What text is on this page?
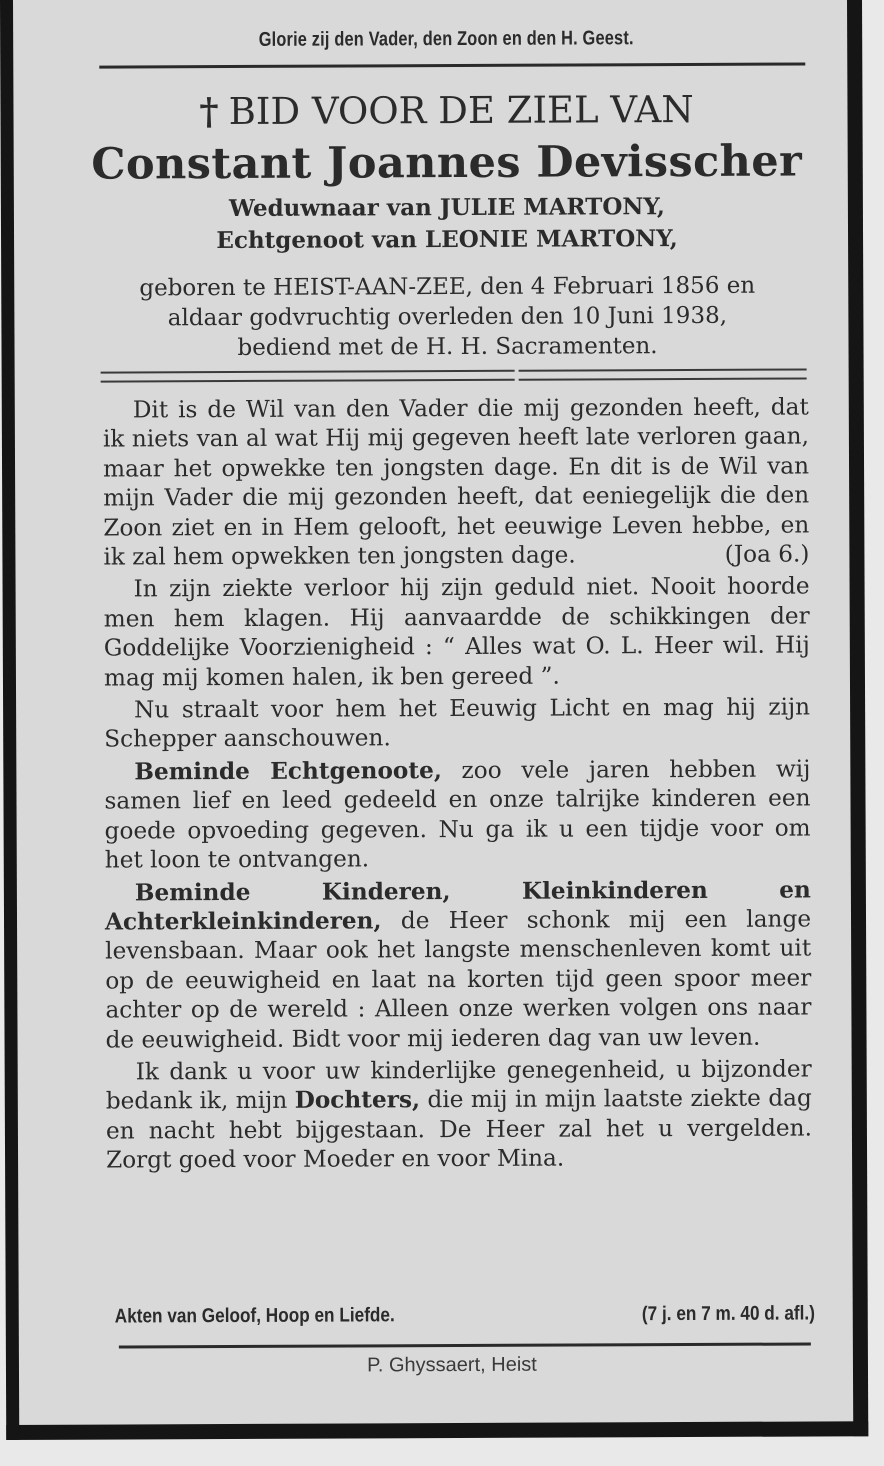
Glorie zij den Vader, den Zoon en den H. Geest.
† BID VOOR DE ZIEL VAN
Constant Joannes Devisscher
Weduwnaar van JULIE MARTONY,
Echtgenoot van LEONIE MARTONY,
geboren te HEIST-AAN-ZEE, den 4 Februari 1856 en
aldaar godvruchtig overleden den 10 Juni 1938,
bediend met de H. H. Sacramenten.

Dit is de Wil van den Vader die mij gezonden heeft, dat ik niets van al wat Hij mij gegeven heeft late verloren gaan, maar het opwekke ten jongsten dage. En dit is de Wil van mijn Vader die mij gezonden heeft, dat eeniegelijk die den Zoon ziet en in Hem gelooft, het eeuwige Leven hebbe, en ik zal hem opwekken ten jongsten dage.	(Joa 6.)

In zijn ziekte verloor hij zijn geduld niet. Nooit hoorde men hem klagen. Hij aanvaardde de schikkingen der Goddelijke Voorzienigheid : “ Alles wat O. L. Heer wil. Hij mag mij komen halen, ik ben gereed ”.

Nu straalt voor hem het Eeuwig Licht en mag hij zijn Schepper aanschouwen.

Beminde Echtgenoote, zoo vele jaren hebben wij samen lief en leed gedeeld en onze talrijke kinderen een goede opvoeding gegeven. Nu ga ik u een tijdje voor om het loon te ontvangen.

Beminde Kinderen, Kleinkinderen en Achterkleinkinderen, de Heer schonk mij een lange levensbaan. Maar ook het langste menschenleven komt uit op de eeuwigheid en laat na korten tijd geen spoor meer achter op de wereld : Alleen onze werken volgen ons naar de eeuwigheid. Bidt voor mij iederen dag van uw leven.

Ik dank u voor uw kinderlijke genegenheid, u bijzonder bedank ik, mijn Dochters, die mij in mijn laatste ziekte dag en nacht hebt bijgestaan. De Heer zal het u vergelden. Zorgt goed voor Moeder en voor Mina.

Akten van Geloof, Hoop en Liefde.	(7 j. en 7 m. 40 d. afl.)
P. Ghyssaert, Heist
